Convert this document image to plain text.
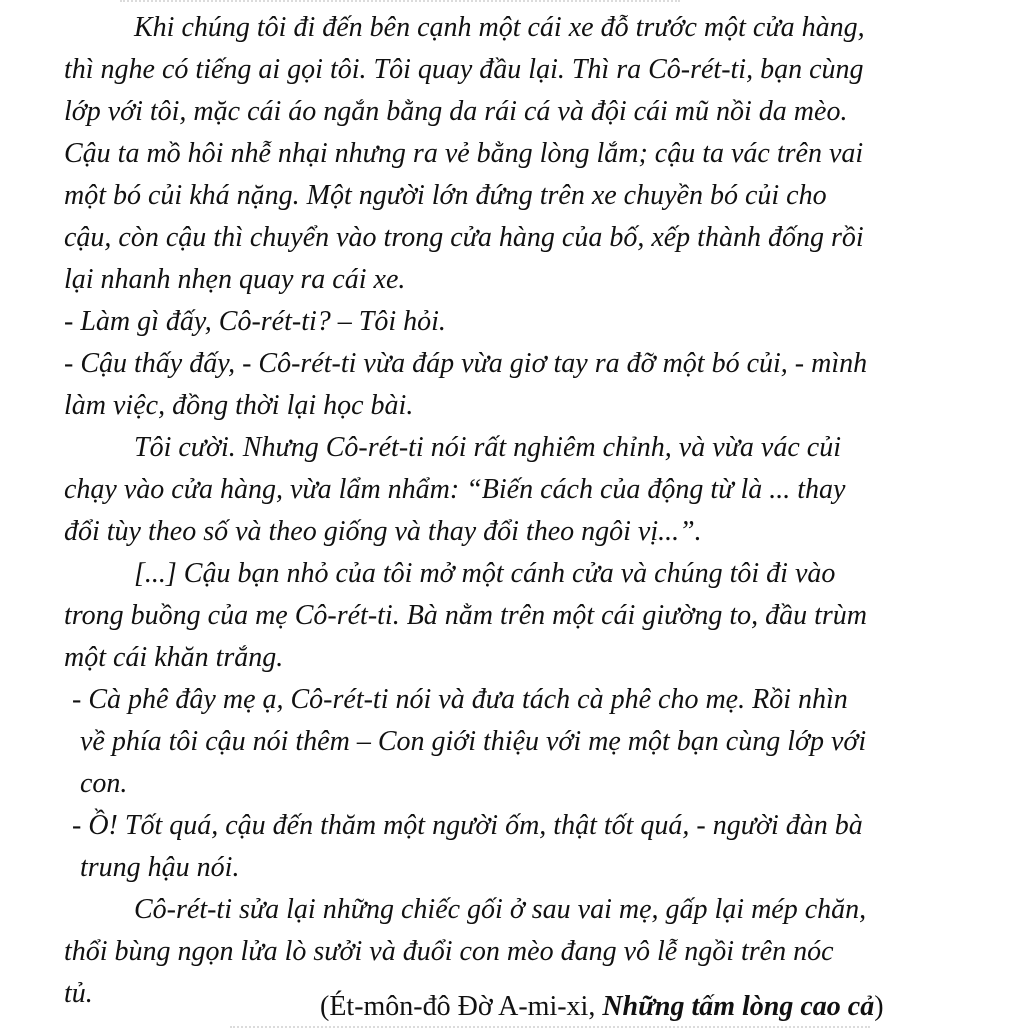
Khi chúng tôi đi đến bên cạnh một cái xe đỗ trước một cửa hàng,
thì nghe có tiếng ai gọi tôi. Tôi quay đầu lại. Thì ra Cô-rét-ti, bạn cùng
lớp với tôi, mặc cái áo ngắn bằng da rái cá và đội cái mũ nồi da mèo.
Cậu ta mồ hôi nhễ nhại nhưng ra vẻ bằng lòng lắm; cậu ta vác trên vai
một bó củi khá nặng. Một người lớn đứng trên xe chuyền bó củi cho
cậu, còn cậu thì chuyển vào trong cửa hàng của bố, xếp thành đống rồi
lại nhanh nhẹn quay ra cái xe.
- Làm gì đấy, Cô-rét-ti? – Tôi hỏi.
- Cậu thấy đấy, - Cô-rét-ti vừa đáp vừa giơ tay ra đỡ một bó củi, - mình
làm việc, đồng thời lại học bài.
Tôi cười. Nhưng Cô-rét-ti nói rất nghiêm chỉnh, và vừa vác củi
chạy vào cửa hàng, vừa lẩm nhẩm: “Biến cách của động từ là ... thay
đổi tùy theo số và theo giống và thay đổi theo ngôi vị...”.
[...] Cậu bạn nhỏ của tôi mở một cánh cửa và chúng tôi đi vào
trong buồng của mẹ Cô-rét-ti. Bà nằm trên một cái giường to, đầu trùm
một cái khăn trắng.
- Cà phê đây mẹ ạ, Cô-rét-ti nói và đưa tách cà phê cho mẹ. Rồi nhìn
về phía tôi cậu nói thêm – Con giới thiệu với mẹ một bạn cùng lớp với
con.
- Ồ! Tốt quá, cậu đến thăm một người ốm, thật tốt quá, - người đàn bà
trung hậu nói.
Cô-rét-ti sửa lại những chiếc gối ở sau vai mẹ, gấp lại mép chăn,
thổi bùng ngọn lửa lò sưởi và đuổi con mèo đang vô lễ ngồi trên nóc
tủ.	(Ét-môn-đô Đờ A-mi-xi, Những tấm lòng cao cả)
